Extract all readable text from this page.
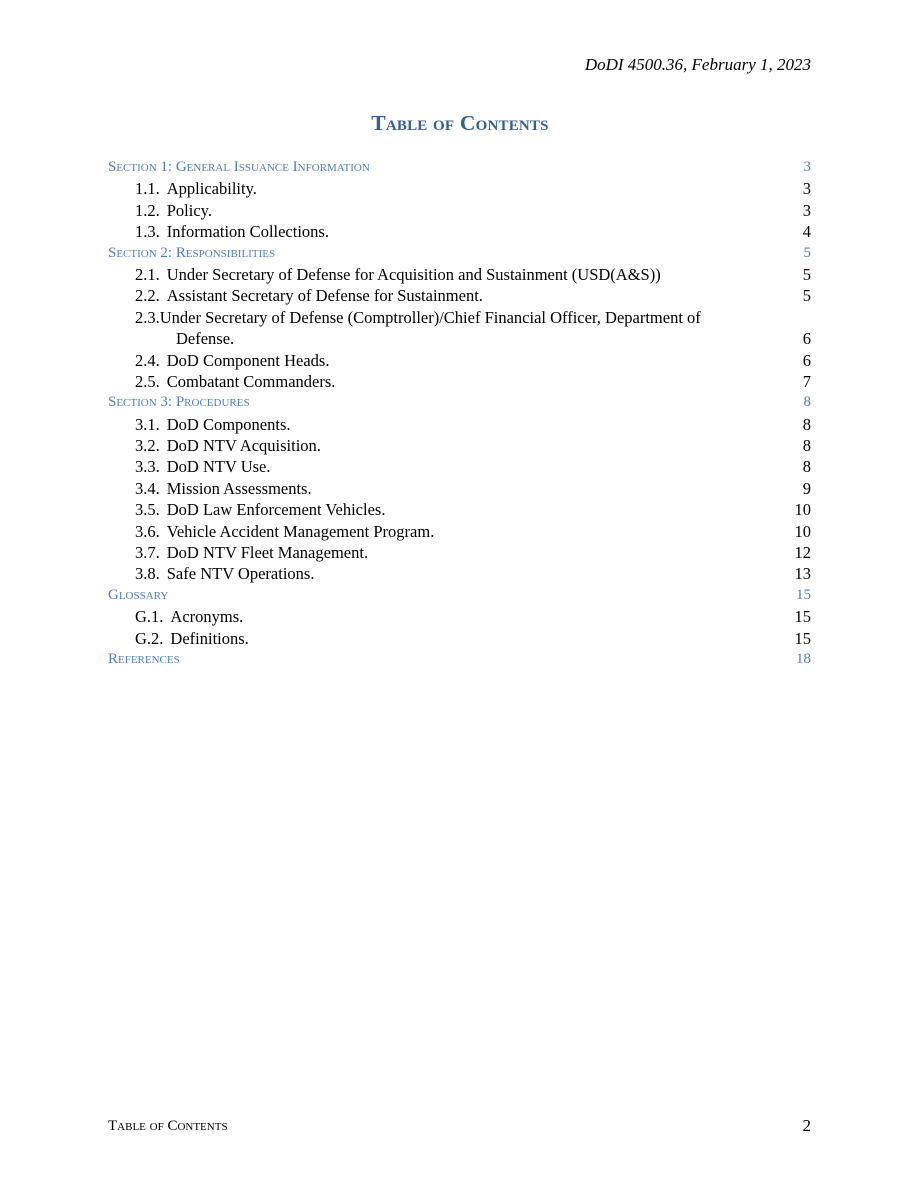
DoDI 4500.36, February 1, 2023
Table of Contents
Section 1: General Issuance Information	3
1.1. Applicability.	3
1.2. Policy.	3
1.3. Information Collections.	4
Section 2: Responsibilities	5
2.1. Under Secretary of Defense for Acquisition and Sustainment (USD(A&S))	5
2.2. Assistant Secretary of Defense for Sustainment.	5
2.3.Under Secretary of Defense (Comptroller)/Chief Financial Officer, Department of
Defense.	6
2.4. DoD Component Heads.	6
2.5. Combatant Commanders.	7
Section 3: Procedures	8
3.1. DoD Components.	8
3.2. DoD NTV Acquisition.	8
3.3. DoD NTV Use.	8
3.4. Mission Assessments.	9
3.5. DoD Law Enforcement Vehicles.	10
3.6. Vehicle Accident Management Program.	10
3.7. DoD NTV Fleet Management.	12
3.8. Safe NTV Operations.	13
Glossary	15
G.1. Acronyms.	15
G.2. Definitions.	15
References	18
Table of Contents	2
